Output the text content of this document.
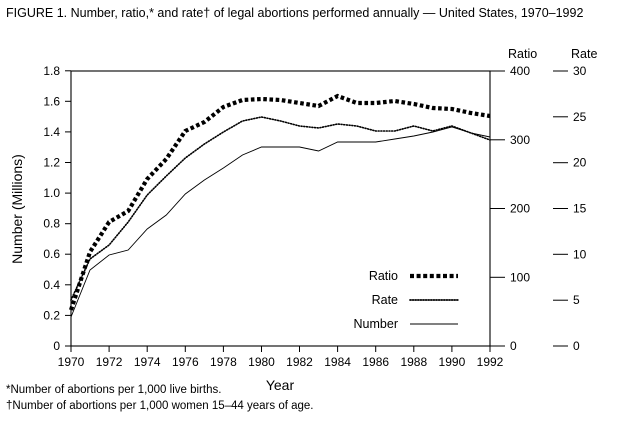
FIGURE 1. Number, ratio,* and rate† of legal abortions performed annually — United States, 1970–1992
0
0.2
0.4
0.6
0.8
1.0
1.2
1.4
1.6
1.8
Number (Millions)
1970 1972 1974 1976 1978 1980 1982 1984 1986 1988 1990 1992
0
100
200
300
400
0
5
10
15
20
25
30
Ratio	Rate
Year
Ratio
Rate
Number
*Number of abortions per 1,000 live births.
†Number of abortions per 1,000 women 15–44 years of age.
